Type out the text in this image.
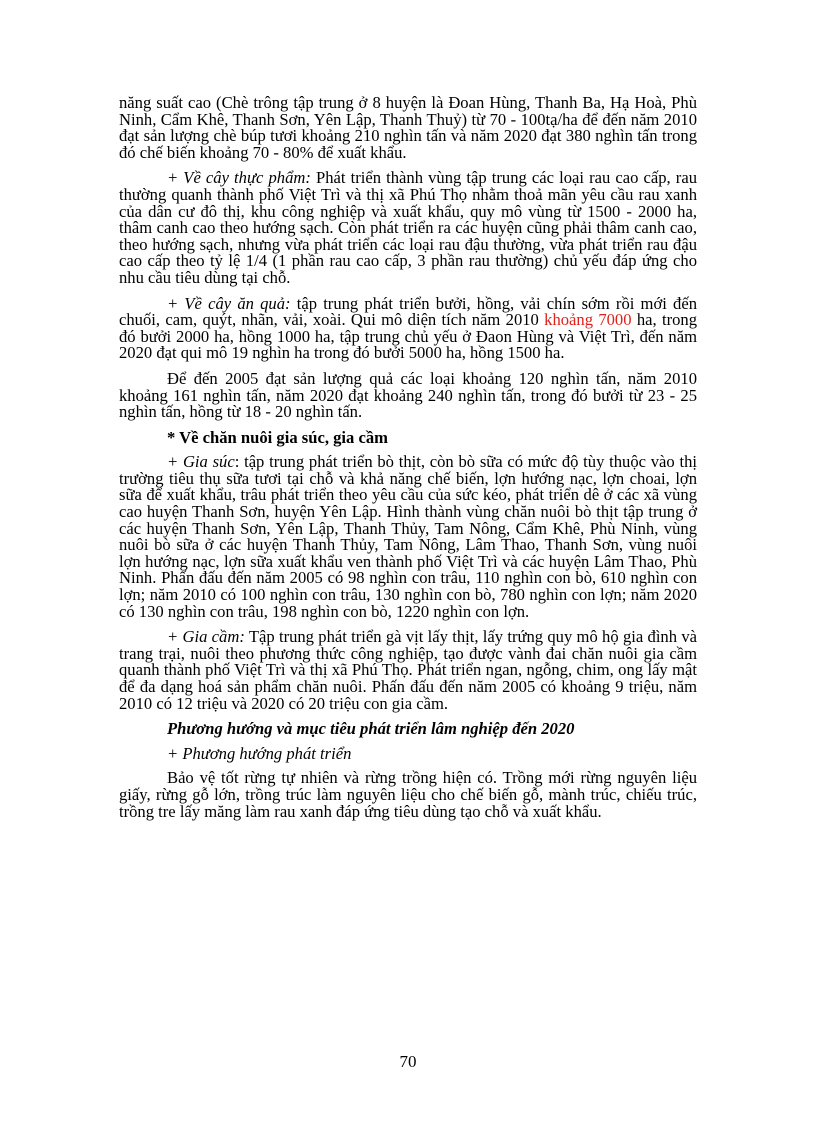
năng suất cao (Chè trông tập trung ở 8 huyện là Đoan Hùng, Thanh Ba, Hạ Hoà, Phù Ninh, Cẩm Khê, Thanh Sơn, Yên Lập, Thanh Thuỷ) từ 70 - 100tạ/ha để đến năm 2010 đạt sản lượng chè búp tươi khoảng 210 nghìn tấn và năm 2020 đạt 380 nghìn tấn trong đó chế biến khoảng 70 - 80% để xuất khẩu.

+ Về cây thực phẩm: Phát triển thành vùng tập trung các loại rau cao cấp, rau thường quanh thành phố Việt Trì và thị xã Phú Thọ nhằm thoả mãn yêu cầu rau xanh của dân cư đô thị, khu công nghiệp và xuất khẩu, quy mô vùng từ 1500 - 2000 ha, thâm canh cao theo hướng sạch. Còn phát triển ra các huyện cũng phải thâm canh cao, theo hướng sạch, nhưng vừa phát triển các loại rau đậu thường, vừa phát triển rau đậu cao cấp theo tỷ lệ 1/4 (1 phần rau cao cấp, 3 phần rau thường) chủ yếu đáp ứng cho nhu cầu tiêu dùng tại chỗ.

+ Về cây ăn quả: tập trung phát triển bưởi, hồng, vải chín sớm rồi mới đến chuối, cam, quýt, nhãn, vải, xoài. Qui mô diện tích năm 2010 khoảng 7000 ha, trong đó bưởi 2000 ha, hồng 1000 ha, tập trung chủ yếu ở Đaon Hùng và Việt Trì, đến năm 2020 đạt qui mô 19 nghìn ha trong đó bưởi 5000 ha, hồng 1500 ha.

Để đến 2005 đạt sản lượng quả các loại khoảng 120 nghìn tấn, năm 2010 khoảng 161 nghìn tấn, năm 2020 đạt khoảng 240 nghìn tấn, trong đó bưởi từ 23 - 25 nghìn tấn, hồng từ 18 - 20 nghìn tấn.

* Về chăn nuôi gia súc, gia cầm

+ Gia súc: tập trung phát triển bò thịt, còn bò sữa có mức độ tùy thuộc vào thị trường tiêu thụ sữa tươi tại chỗ và khả năng chế biến, lợn hướng nạc, lợn choai, lợn sữa để xuất khẩu, trâu phát triển theo yêu cầu của sức kéo, phát triển dê ở các xã vùng cao huyện Thanh Sơn, huyện Yên Lập. Hình thành vùng chăn nuôi bò thịt tập trung ở các huyện Thanh Sơn, Yên Lập, Thanh Thủy, Tam Nông, Cẩm Khê, Phù Ninh, vùng nuôi bò sữa ở các huyện Thanh Thủy, Tam Nông, Lâm Thao, Thanh Sơn, vùng nuôi lợn hướng nạc, lợn sữa xuất khẩu ven thành phố Việt Trì và các huyện Lâm Thao, Phù Ninh. Phấn đấu đến năm 2005 có 98 nghìn con trâu, 110 nghìn con bò, 610 nghìn con lợn; năm 2010 có 100 nghìn con trâu, 130 nghìn con bò, 780 nghìn con lợn; năm 2020 có 130 nghìn con trâu, 198 nghìn con bò, 1220 nghìn con lợn.

+ Gia cầm: Tập trung phát triển gà vịt lấy thịt, lấy trứng quy mô hộ gia đình và trang trại, nuôi theo phương thức công nghiệp, tạo được vành đai chăn nuôi gia cầm quanh thành phố Việt Trì và thị xã Phú Thọ. Phát triển ngan, ngỗng, chim, ong lấy mật để đa dạng hoá sản phẩm chăn nuôi. Phấn đấu đến năm 2005 có khoảng 9 triệu, năm 2010 có 12 triệu và 2020 có 20 triệu con gia cầm.

Phương hướng và mục tiêu phát triển lâm nghiệp đến 2020

+ Phương hướng phát triển

Bảo vệ tốt rừng tự nhiên và rừng trồng hiện có. Trồng mới rừng nguyên liệu giấy, rừng gỗ lớn, trồng trúc làm nguyên liệu cho chế biến gỗ, mành trúc, chiếu trúc, trồng tre lấy măng làm rau xanh đáp ứng tiêu dùng tạo chỗ và xuất khẩu.

70
